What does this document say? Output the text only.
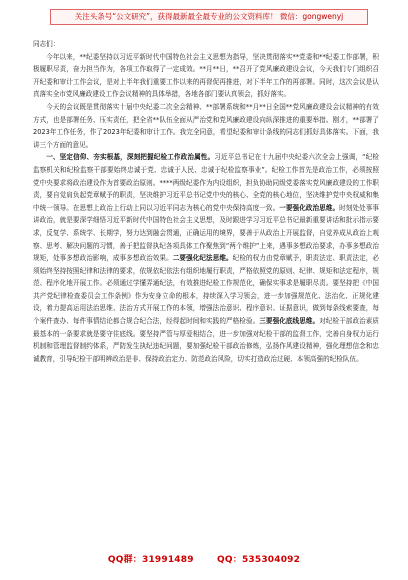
关注头条号“公文研究”，获得最新最全最专业的公文资料库！ 微信：gongwenyj

同志们：

今年以来，**纪委坚持以习近平新时代中国特色社会主义思想为指导，坚决贯彻落实**党委和**纪委工作部署，积极履职尽责，奋力担当作为，各项工作取得了一定成效。**月**日，**召开了党风廉政建设会议，今天我们专门组织召开纪委和审计工作会议，是对上半年我们重要工作以来的再督促再推进，对下半年工作的再部署。同时，这次会议是认真落实全市党风廉政建设工作会议精神的具体举措，各地各部门要认真领会，抓好落实。

今天的会议既是贯彻落实十届中央纪委二次全会精神、**部署系统和**月**日全国**党风廉政建设会议精神的有效方式，也是部署任务、压实责任，把全省**队伍全面从严治党和党风廉政建设向纵深推进的重要举措。刚才，**部署了2023年工作任务，作了2023年纪委和审计工作。我完全同意，希望纪委和审计条线的同志们抓好具体落实。下面，我讲三个方面的意见。

一、坚定信仰、夯实根基，深刻把握纪检工作政治属性。习近平总书记在十九届中央纪委六次全会上强调，“纪检监察机关和纪检监察干部要始终忠诚于党、忠诚于人民、忠诚于纪检监察事业”。纪检工作首先是政治工作，必须按照党中央要求将政治建设作为首要政治原则。****两级纪委作为内设组织，担负协助同级党委落实党风廉政建设的工作职责，要自觉肩负起党章赋予的职责，坚决维护习近平总书记党中央的核心、全党的核心地位，坚决维护党中央权威和集中统一领导。在思想上政治上行动上同以习近平同志为核心的党中央保持高度一致。一要强化政治思维。时刻处处事事讲政治，就是要深学细悟习近平新时代中国特色社会主义思想，及时跟进学习习近平总书记最新重要讲话和批示指示要求，反复学、系统学、长期学，努力达到融会贯通，正确运用的境界，要善于从政治上开展监督，自觉养成从政治上观察、思考、解决问题的习惯，善于把监督执纪各项具体工作聚焦到“两个维护”上来，遇事多想政治要求，办事多想政治规矩，处事多想政治影响，成事多想政治效果。二要强化纪法思维。纪检的权力由党章赋予，职责法定、职责法定，必须始终坚持按照纪律和法律的要求，依规依纪依法有组织地履行职责，严格依照党的原则、纪律、规矩和法定程序，规范、程序化地开展工作。必须通过学懂弄通纪法，有效推进纪检工作规范化，确保实事求是履职尽责。要坚持把《中国共产党纪律检查委员会工作条例》作为安身立命的根本，持续深入学习领会，进一步加强规范化、法治化、正规化建设，着力提高运用法治思维、法治方式开展工作的本领，增强法治意识、程序意识、证据意识，做到每条线索要查，每个案件查办、每件事情结论都合规合纪合法，经得起时间和实践的严格检验。三要强化底线思维。对纪检干部政治素质最基本的一条要求就是要守住底线。要坚持严管与厚爱相结合，进一步加强对纪检干部的监督工作，完善自身权力运行机制和管理监督制约体系，严防发生执纪违纪问题，要加强纪检干部政治修炼，弘扬作风建设精神，强化理想信念和忠诚教育，引导纪检干部明辨政治是非、保持政治定力、防范政治风险，切实打造政治过硬、本领高强的纪检队伍。

QQ群：31991489	QQ：535304092
